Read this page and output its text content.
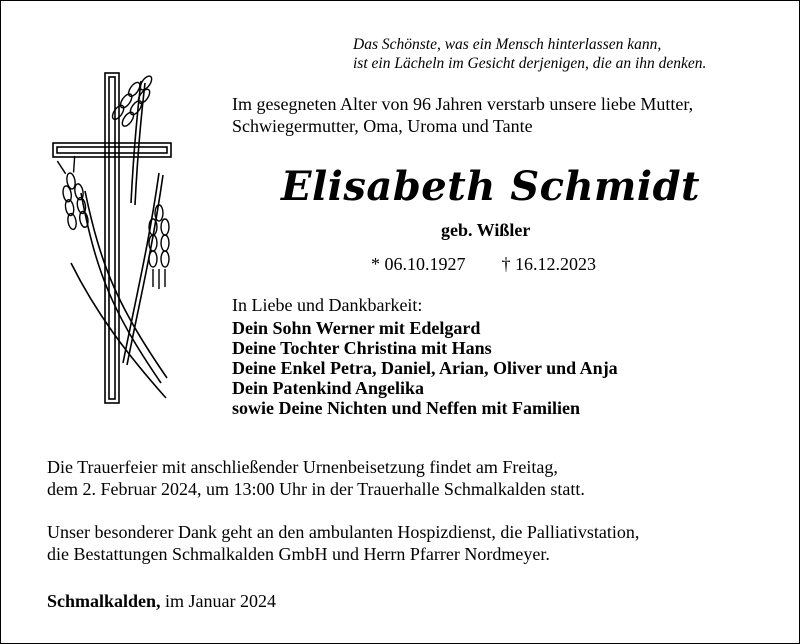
Das Schönste, was ein Mensch hinterlassen kann,
ist ein Lächeln im Gesicht derjenigen, die an ihn denken.
Im gesegneten Alter von 96 Jahren verstarb unsere liebe Mutter,
Schwiegermutter, Oma, Uroma und Tante
Elisabeth Schmidt
geb. Wißler
* 06.10.1927 † 16.12.2023
In Liebe und Dankbarkeit:
Dein Sohn Werner mit Edelgard
Deine Tochter Christina mit Hans
Deine Enkel Petra, Daniel, Arian, Oliver und Anja
Dein Patenkind Angelika
sowie Deine Nichten und Neffen mit Familien
Die Trauerfeier mit anschließender Urnenbeisetzung findet am Freitag,
dem 2. Februar 2024, um 13:00 Uhr in der Trauerhalle Schmalkalden statt.
Unser besonderer Dank geht an den ambulanten Hospizdienst, die Palliativstation,
die Bestattungen Schmalkalden GmbH und Herrn Pfarrer Nordmeyer.
Schmalkalden, im Januar 2024
